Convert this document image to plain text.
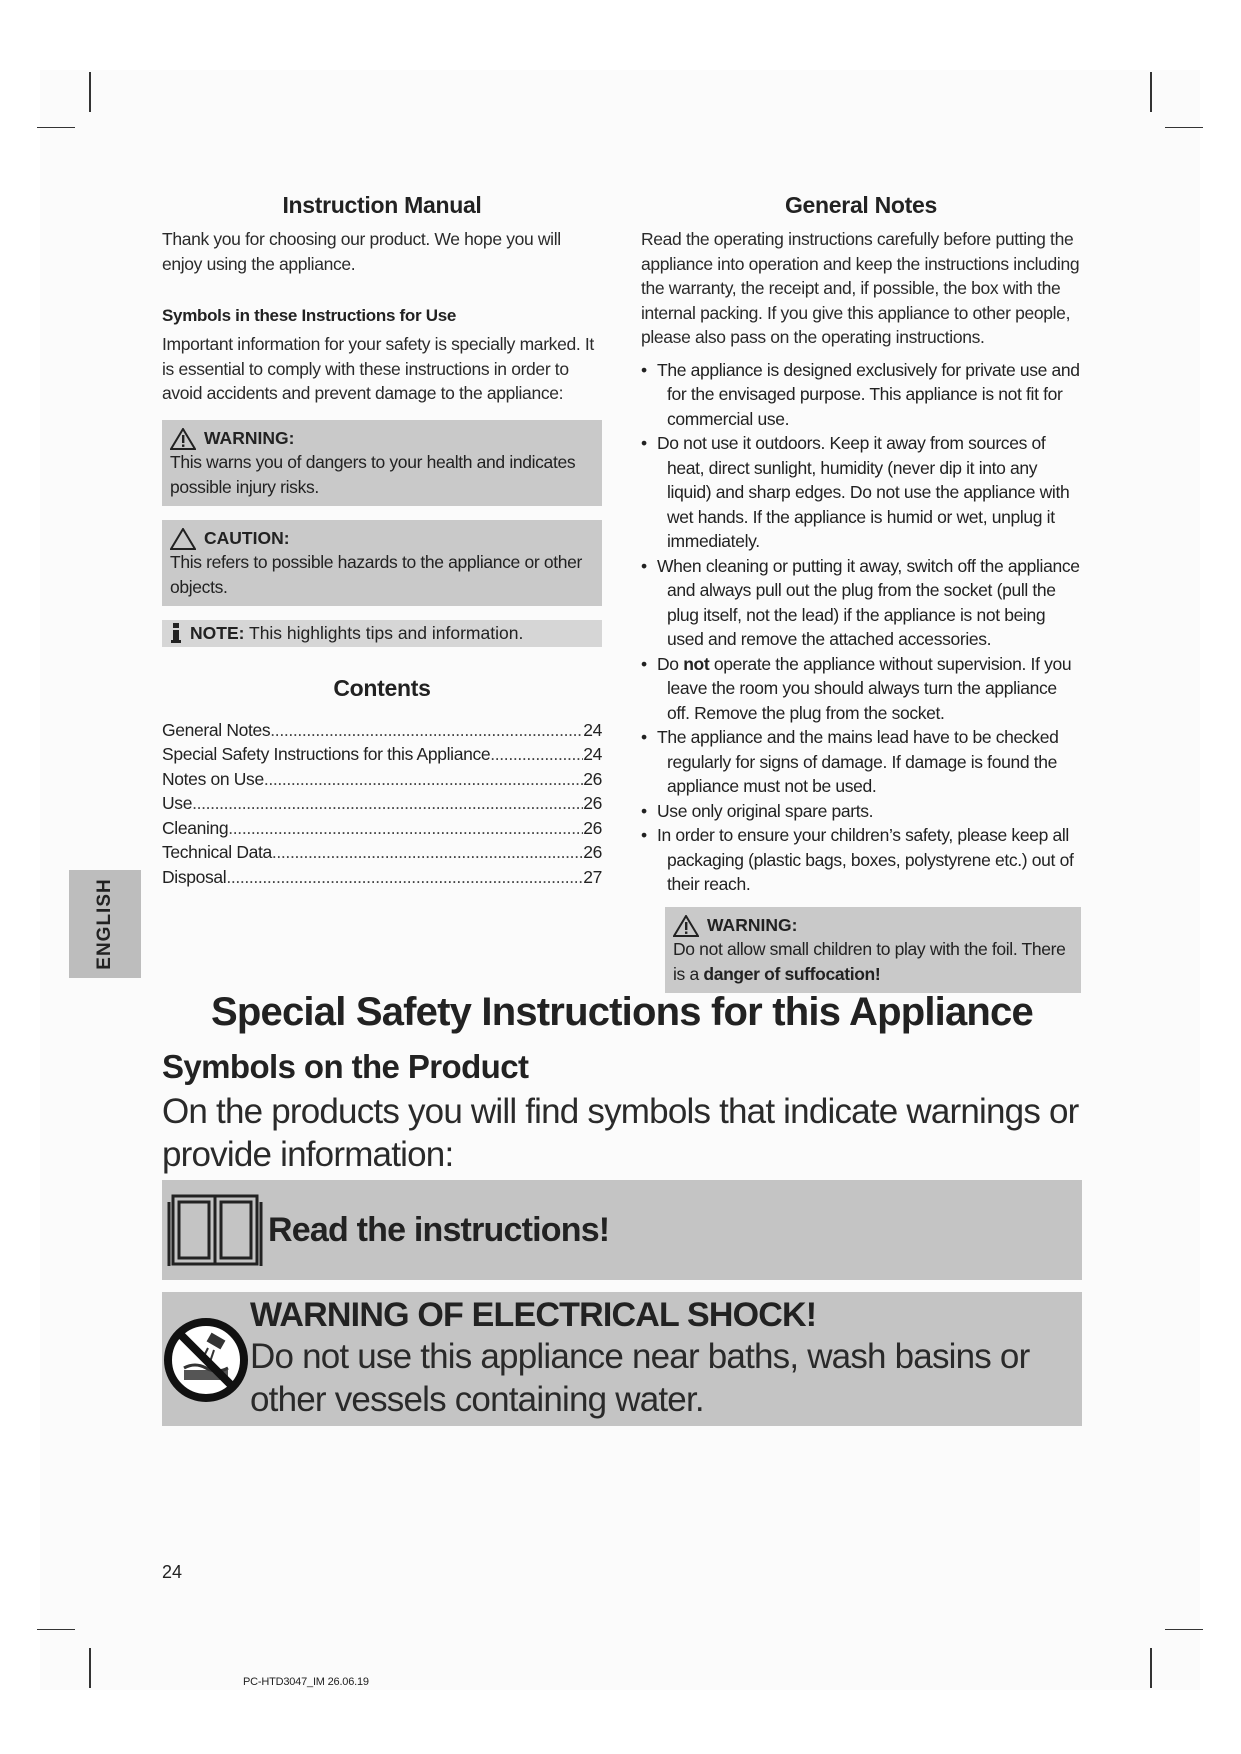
Instruction Manual

Thank you for choosing our product. We hope you will enjoy using the appliance.

Symbols in these Instructions for Use

Important information for your safety is specially marked. It is essential to comply with these instructions in order to avoid accidents and prevent damage to the appliance:

WARNING:
This warns you of dangers to your health and indicates possible injury risks.
CAUTION:
This refers to possible hazards to the appliance or other objects.
NOTE: This highlights tips and information.
Contents
General Notes .....	24
Special Safety Instructions for this Appliance .....	24
Notes on Use .....	26
Use .....	26
Cleaning .....	26
Technical Data .....	26
Disposal .....	27
General Notes

Read the operating instructions carefully before putting the appliance into operation and keep the instructions including the warranty, the receipt and, if possible, the box with the internal packing. If you give this appliance to other people, please also pass on the operating instructions.

• The appliance is designed exclusively for private use and for the envisaged purpose. This appliance is not fit for commercial use.
• Do not use it outdoors. Keep it away from sources of heat, direct sunlight, humidity (never dip it into any liquid) and sharp edges. Do not use the appliance with wet hands. If the appliance is humid or wet, unplug it immediately.
• When cleaning or putting it away, switch off the appliance and always pull out the plug from the socket (pull the plug itself, not the lead) if the appliance is not being used and remove the attached accessories.
• Do not operate the appliance without supervision. If you leave the room you should always turn the appliance off. Remove the plug from the socket.
• The appliance and the mains lead have to be checked regularly for signs of damage. If damage is found the appliance must not be used.
• Use only original spare parts.
• In order to ensure your children’s safety, please keep all packaging (plastic bags, boxes, polystyrene etc.) out of their reach.
WARNING:
Do not allow small children to play with the foil. There is a danger of suffocation!
ENGLISH
Special Safety Instructions for this Appliance
Symbols on the Product
On the products you will find symbols that indicate warnings or provide information:
Read the instructions!
WARNING OF ELECTRICAL SHOCK!
Do not use this appliance near baths, wash basins or other vessels containing water.
24
PC-HTD3047_IM 26.06.19
